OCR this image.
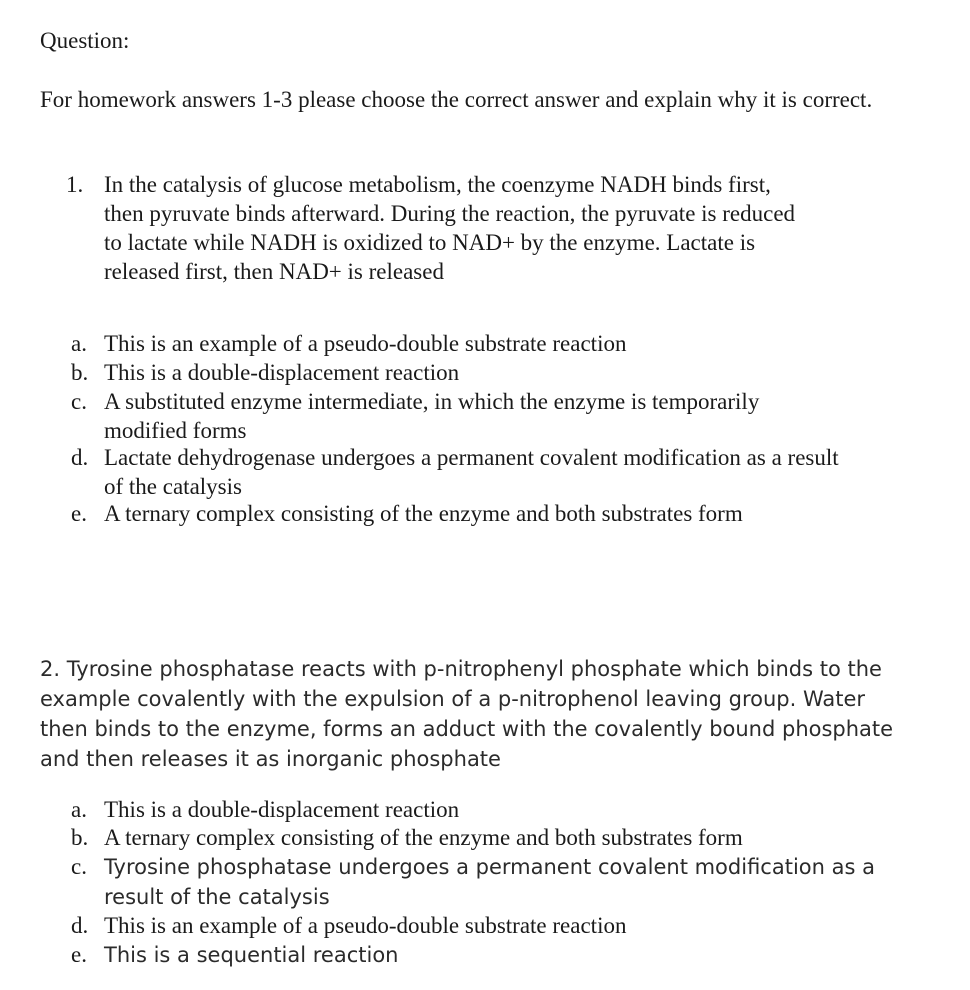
Question:
For homework answers 1-3 please choose the correct answer and explain why it is correct.
1. In the catalysis of glucose metabolism, the coenzyme NADH binds first,
then pyruvate binds afterward. During the reaction, the pyruvate is reduced
to lactate while NADH is oxidized to NAD+ by the enzyme. Lactate is
released first, then NAD+ is released
a. This is an example of a pseudo-double substrate reaction
b. This is a double-displacement reaction
c. A substituted enzyme intermediate, in which the enzyme is temporarily
modified forms
d. Lactate dehydrogenase undergoes a permanent covalent modification as a result
of the catalysis
e. A ternary complex consisting of the enzyme and both substrates form
2. Tyrosine phosphatase reacts with p-nitrophenyl phosphate which binds to the
example covalently with the expulsion of a p-nitrophenol leaving group. Water
then binds to the enzyme, forms an adduct with the covalently bound phosphate
and then releases it as inorganic phosphate
a. This is a double-displacement reaction
b. A ternary complex consisting of the enzyme and both substrates form
c. Tyrosine phosphatase undergoes a permanent covalent modification as a
result of the catalysis
d. This is an example of a pseudo-double substrate reaction
e. This is a sequential reaction
